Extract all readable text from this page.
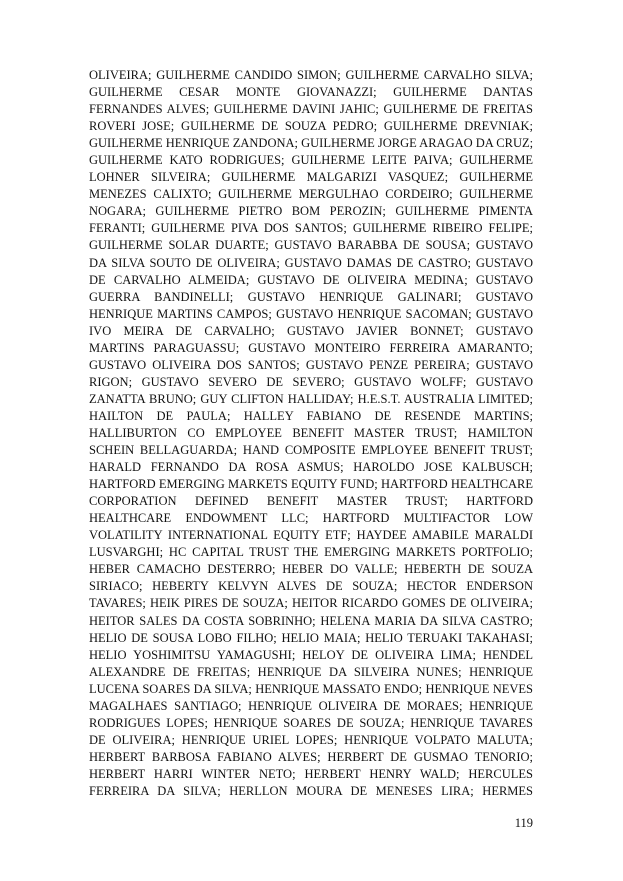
OLIVEIRA; GUILHERME CANDIDO SIMON; GUILHERME CARVALHO SILVA;
GUILHERME CESAR MONTE GIOVANAZZI; GUILHERME DANTAS
FERNANDES ALVES; GUILHERME DAVINI JAHIC; GUILHERME DE FREITAS
ROVERI JOSE; GUILHERME DE SOUZA PEDRO; GUILHERME DREVNIAK;
GUILHERME HENRIQUE ZANDONA; GUILHERME JORGE ARAGAO DA CRUZ;
GUILHERME KATO RODRIGUES; GUILHERME LEITE PAIVA; GUILHERME
LOHNER SILVEIRA; GUILHERME MALGARIZI VASQUEZ; GUILHERME
MENEZES CALIXTO; GUILHERME MERGULHAO CORDEIRO; GUILHERME
NOGARA; GUILHERME PIETRO BOM PEROZIN; GUILHERME PIMENTA
FERANTI; GUILHERME PIVA DOS SANTOS; GUILHERME RIBEIRO FELIPE;
GUILHERME SOLAR DUARTE; GUSTAVO BARABBA DE SOUSA; GUSTAVO
DA SILVA SOUTO DE OLIVEIRA; GUSTAVO DAMAS DE CASTRO; GUSTAVO
DE CARVALHO ALMEIDA; GUSTAVO DE OLIVEIRA MEDINA; GUSTAVO
GUERRA BANDINELLI; GUSTAVO HENRIQUE GALINARI; GUSTAVO
HENRIQUE MARTINS CAMPOS; GUSTAVO HENRIQUE SACOMAN; GUSTAVO
IVO MEIRA DE CARVALHO; GUSTAVO JAVIER BONNET; GUSTAVO
MARTINS PARAGUASSU; GUSTAVO MONTEIRO FERREIRA AMARANTO;
GUSTAVO OLIVEIRA DOS SANTOS; GUSTAVO PENZE PEREIRA; GUSTAVO
RIGON; GUSTAVO SEVERO DE SEVERO; GUSTAVO WOLFF; GUSTAVO
ZANATTA BRUNO; GUY CLIFTON HALLIDAY; H.E.S.T. AUSTRALIA LIMITED;
HAILTON DE PAULA; HALLEY FABIANO DE RESENDE MARTINS;
HALLIBURTON CO EMPLOYEE BENEFIT MASTER TRUST; HAMILTON
SCHEIN BELLAGUARDA; HAND COMPOSITE EMPLOYEE BENEFIT TRUST;
HARALD FERNANDO DA ROSA ASMUS; HAROLDO JOSE KALBUSCH;
HARTFORD EMERGING MARKETS EQUITY FUND; HARTFORD HEALTHCARE
CORPORATION DEFINED BENEFIT MASTER TRUST; HARTFORD
HEALTHCARE ENDOWMENT LLC; HARTFORD MULTIFACTOR LOW
VOLATILITY INTERNATIONAL EQUITY ETF; HAYDEE AMABILE MARALDI
LUSVARGHI; HC CAPITAL TRUST THE EMERGING MARKETS PORTFOLIO;
HEBER CAMACHO DESTERRO; HEBER DO VALLE; HEBERTH DE SOUZA
SIRIACO; HEBERTY KELVYN ALVES DE SOUZA; HECTOR ENDERSON
TAVARES; HEIK PIRES DE SOUZA; HEITOR RICARDO GOMES DE OLIVEIRA;
HEITOR SALES DA COSTA SOBRINHO; HELENA MARIA DA SILVA CASTRO;
HELIO DE SOUSA LOBO FILHO; HELIO MAIA; HELIO TERUAKI TAKAHASI;
HELIO YOSHIMITSU YAMAGUSHI; HELOY DE OLIVEIRA LIMA; HENDEL
ALEXANDRE DE FREITAS; HENRIQUE DA SILVEIRA NUNES; HENRIQUE
LUCENA SOARES DA SILVA; HENRIQUE MASSATO ENDO; HENRIQUE NEVES
MAGALHAES SANTIAGO; HENRIQUE OLIVEIRA DE MORAES; HENRIQUE
RODRIGUES LOPES; HENRIQUE SOARES DE SOUZA; HENRIQUE TAVARES
DE OLIVEIRA; HENRIQUE URIEL LOPES; HENRIQUE VOLPATO MALUTA;
HERBERT BARBOSA FABIANO ALVES; HERBERT DE GUSMAO TENORIO;
HERBERT HARRI WINTER NETO; HERBERT HENRY WALD; HERCULES
FERREIRA DA SILVA; HERLLON MOURA DE MENESES LIRA; HERMES
119
